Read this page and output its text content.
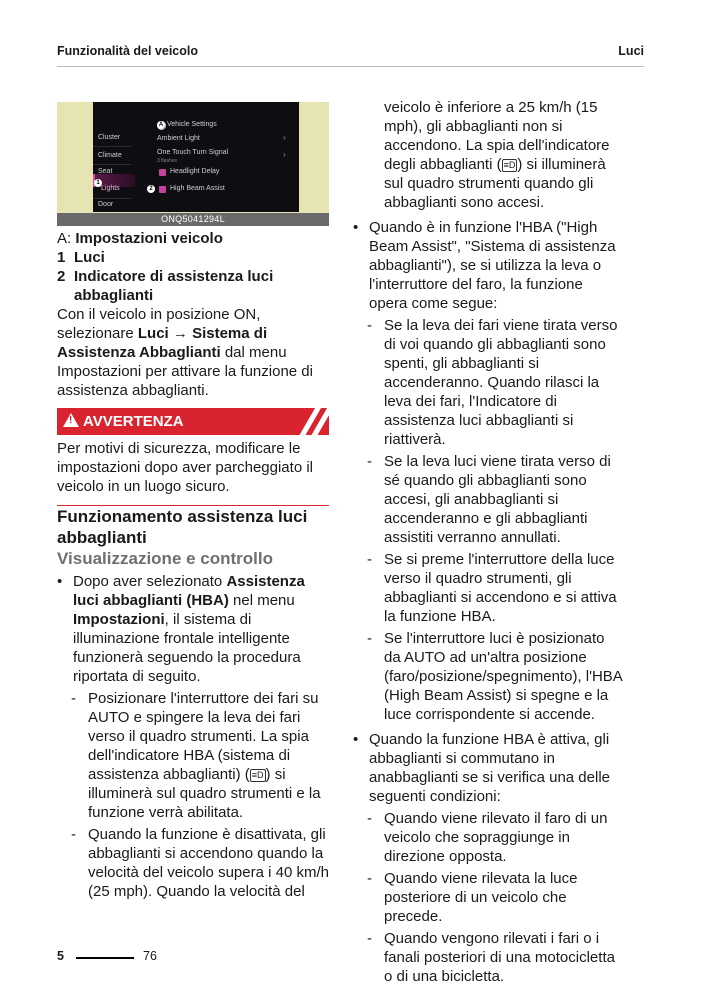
Funzionalità del veicolo	Luci
Cluster
Climate
Seat
Lights
Door
A Vehicle Settings
Ambient Light	›
One Touch Turn Signal
3 flashes
›
Headlight Delay
2	High Beam Assist
1
ONQ5041294L

A: Impostazioni veicolo

1 Luci
2 Indicatore di assistenza luci abbaglianti

Con il veicolo in posizione ON, selezionare Luci → Sistema di Assistenza Abbaglianti dal menu Impostazioni per attivare la funzione di assistenza abbaglianti.

! AVVERTENZA

Per motivi di sicurezza, modificare le impostazioni dopo aver parcheggiato il veicolo in un luogo sicuro.

Funzionamento assistenza luci abbaglianti

Visualizzazione e controllo

• Dopo aver selezionato Assistenza luci abbaglianti (HBA) nel menu Impostazioni, il sistema di illuminazione frontale intelligente funzionerà seguendo la procedura riportata di seguito.
- Posizionare l'interruttore dei fari su AUTO e spingere la leva dei fari verso il quadro strumenti. La spia dell'indicatore HBA (sistema di assistenza abbaglianti) ( ≡D ) si illuminerà sul quadro strumenti e la funzione verrà abilitata.
- Quando la funzione è disattivata, gli abbaglianti si accendono quando la velocità del veicolo supera i 40 km/h (25 mph). Quando la velocità del
veicolo è inferiore a 25 km/h (15 mph), gli abbaglianti non si accendono. La spia dell'indicatore degli abbaglianti ( ≡D ) si illuminerà sul quadro strumenti quando gli abbaglianti sono accesi.
• Quando è in funzione l'HBA ("High Beam Assist", "Sistema di assistenza abbaglianti"), se si utilizza la leva o l'interruttore del faro, la funzione opera come segue:
- Se la leva dei fari viene tirata verso di voi quando gli abbaglianti sono spenti, gli abbaglianti si accenderanno. Quando rilasci la leva dei fari, l'Indicatore di assistenza luci abbaglianti si riattiverà.
- Se la leva luci viene tirata verso di sé quando gli abbaglianti sono accesi, gli anabbaglianti si accenderanno e gli abbaglianti assistiti verranno annullati.
- Se si preme l'interruttore della luce verso il quadro strumenti, gli abbaglianti si accendono e si attiva la funzione HBA.
- Se l'interruttore luci è posizionato da AUTO ad un'altra posizione (faro/posizione/spegnimento), l'HBA (High Beam Assist) si spegne e la luce corrispondente si accende.
• Quando la funzione HBA è attiva, gli abbaglianti si commutano in anabbaglianti se si verifica una delle seguenti condizioni:
- Quando viene rilevato il faro di un veicolo che sopraggiunge in direzione opposta.
- Quando viene rilevata la luce posteriore di un veicolo che precede.
- Quando vengono rilevati i fari o i fanali posteriori di una motocicletta o di una bicicletta.
5	76
